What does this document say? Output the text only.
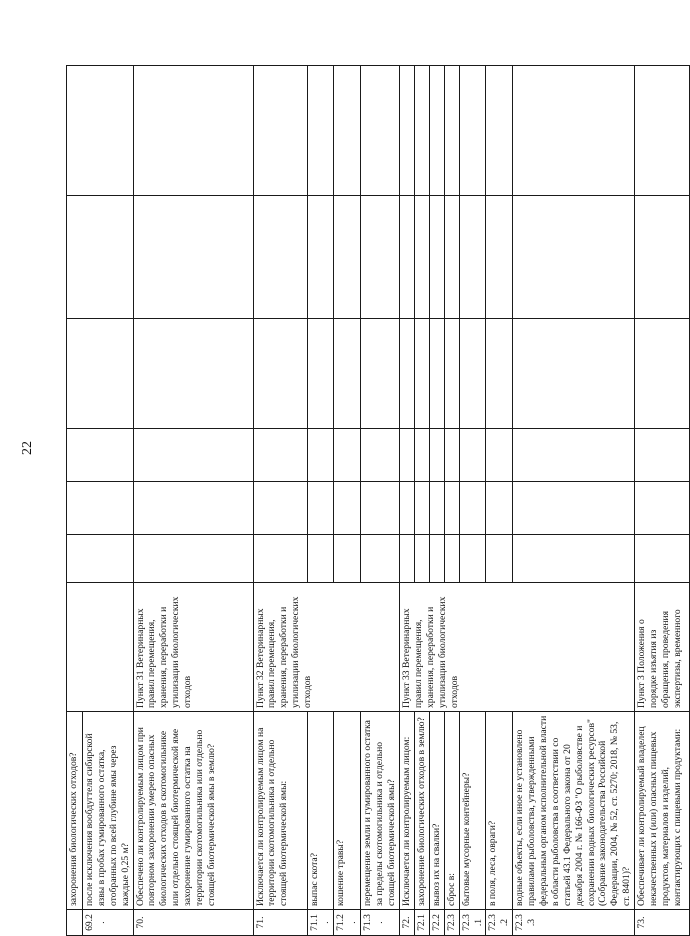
22
	захоронения биологических отходов?							
69.2.	после исключения вообдугтеля сибирской язвы в пробах гумированного остатка, отобранных по всей глубине ямы через каждые 0,25 м?							
70.	Обеспечено ли контролируемым лицом при повторном захоронении умерено опасных биологических отходов в скотомогильнике или отдельно стоящей биотермической яме захоронение гумированного остатка на территории скотомогильника или отдельно стоящей биотермической ямы в землю?	Пункт 31 Ветеринарных правил перемещения, хранения, переработки и утилизации биологических отходов						
71.	Исключается ли контролируемым лицом на территории скотомогильника и отдельно стоящей биотермической ямы:	Пункт 32 Ветеринарных правил перемещения, хранения, переработки и утилизации биологических отходов						
71.1.	выпас скота?							
71.2.	кошение травы?							
71.3.	перемещение земли и гумированного остатка за пределы скотомогильника и отдельно стоящей биотермической ямы?							
72.	Исключается ли контролируемым лицом:	Пункт 33 Ветеринарных правил перемещения, хранения, переработки и утилизации биологических отходов						
72.1	захоронение биологических отходов в землю?							
72.2	вывоз их на свалки?							
72.3	сброс в:							
72.3.1	бытовые мусорные контейнеры?							
72.3.2	в поля, леса, овраги?							
72.3.3	водные объекты, если иное не установлено правилами рыболовства, утвержденными федеральным органом исполнительной власти в области рыболовства в соответствии со статьей 43.1 Федерального закона от 20 декабря 2004 г. № 166-ФЗ "О рыболовстве и сохранении водных биологических ресурсов" (Собрание законодательства Российской Федерации, 2004, № 52, ст. 5270; 2018, № 53, ст. 8401)?							
73.	Обеспечивает ли контролируемый владелец некачественных и (или) опасных пищевых продуктов, материалов и изделий, контактирующих с пищевыми продуктами:	Пункт 3 Положения о порядке изъятия из обращения, проведения экспертизы, временного						
